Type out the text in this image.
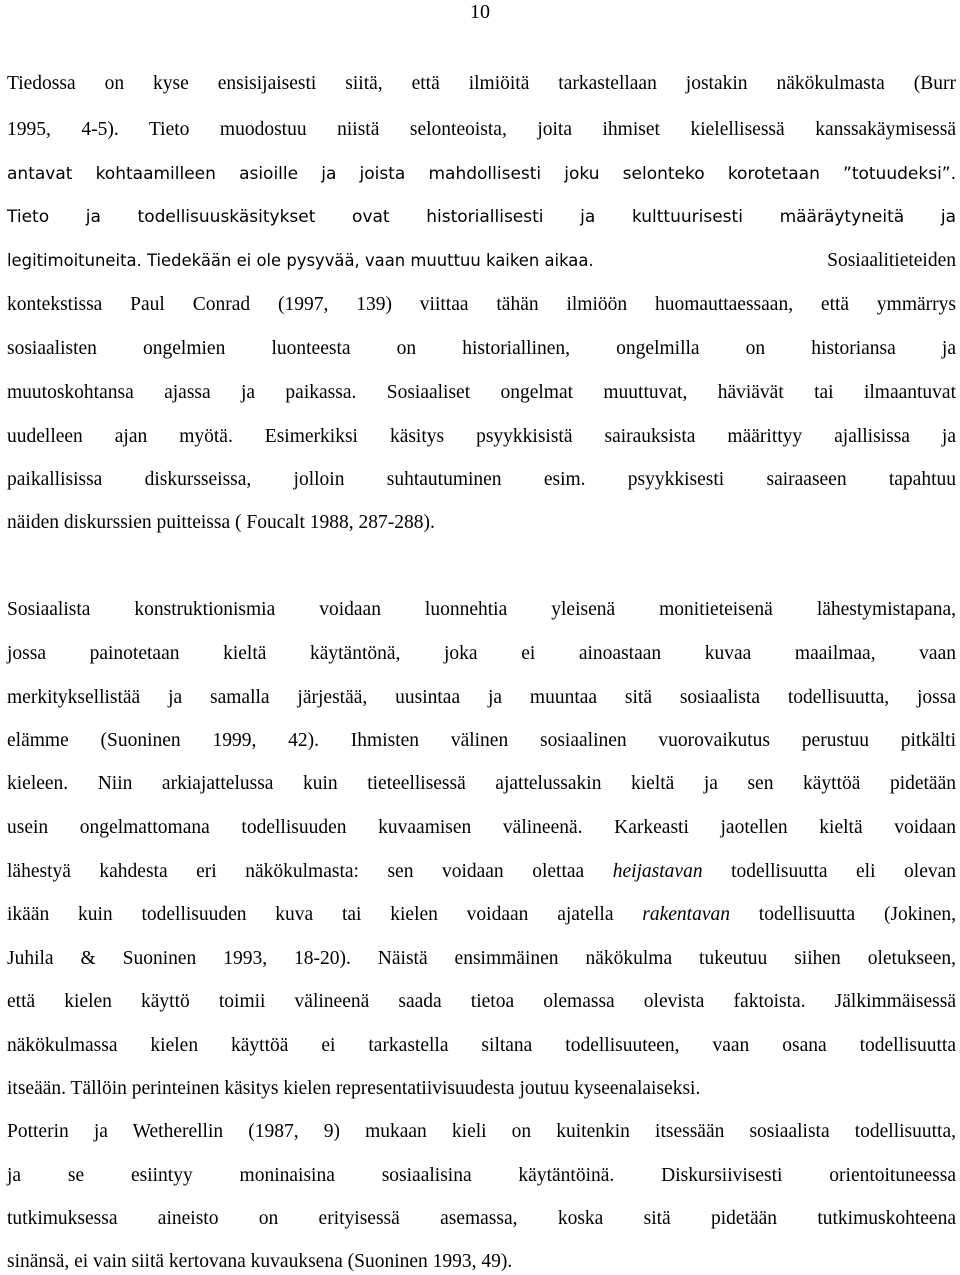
10
Tiedossa on kyse ensisijaisesti siitä, että ilmiöitä tarkastellaan jostakin näkökulmasta (Burr
1995, 4-5). Tieto muodostuu niistä selonteoista, joita ihmiset kielellisessä kanssakäymisessä
antavat kohtaamilleen asioille ja joista mahdollisesti joku selonteko korotetaan ”totuudeksi”.
Tieto ja todellisuuskäsitykset ovat historiallisesti ja kulttuurisesti määräytyneitä ja
legitimoituneita. Tiedekään ei ole pysyvää, vaan muuttuu kaiken aikaa.	Sosiaalitieteiden
kontekstissa Paul Conrad (1997, 139) viittaa tähän ilmiöön huomauttaessaan, että ymmärrys
sosiaalisten ongelmien luonteesta on historiallinen, ongelmilla on historiansa ja
muutoskohtansa ajassa ja paikassa. Sosiaaliset ongelmat muuttuvat, häviävät tai ilmaantuvat
uudelleen ajan myötä. Esimerkiksi käsitys psyykkisistä sairauksista määrittyy ajallisissa ja
paikallisissa diskursseissa, jolloin suhtautuminen esim. psyykkisesti sairaaseen tapahtuu
näiden diskurssien puitteissa ( Foucalt 1988, 287-288).
Sosiaalista konstruktionismia voidaan luonnehtia yleisenä monitieteisenä lähestymistapana,
jossa painotetaan kieltä käytäntönä, joka ei ainoastaan kuvaa maailmaa, vaan
merkityksellistää ja samalla järjestää, uusintaa ja muuntaa sitä sosiaalista todellisuutta, jossa
elämme (Suoninen 1999, 42). Ihmisten välinen sosiaalinen vuorovaikutus perustuu pitkälti
kieleen. Niin arkiajattelussa kuin tieteellisessä ajattelussakin kieltä ja sen käyttöä pidetään
usein ongelmattomana todellisuuden kuvaamisen välineenä. Karkeasti jaotellen kieltä voidaan
lähestyä kahdesta eri näkökulmasta: sen voidaan olettaa heijastavan todellisuutta eli olevan
ikään kuin todellisuuden kuva tai kielen voidaan ajatella rakentavan todellisuutta (Jokinen,
Juhila & Suoninen 1993, 18-20). Näistä ensimmäinen näkökulma tukeutuu siihen oletukseen,
että kielen käyttö toimii välineenä saada tietoa olemassa olevista faktoista. Jälkimmäisessä
näkökulmassa kielen käyttöä ei tarkastella siltana todellisuuteen, vaan osana todellisuutta
itseään. Tällöin perinteinen käsitys kielen representatiivisuudesta joutuu kyseenalaiseksi.
Potterin ja Wetherellin (1987, 9) mukaan kieli on kuitenkin itsessään sosiaalista todellisuutta,
ja se esiintyy moninaisina sosiaalisina käytäntöinä. Diskursiivisesti orientoituneessa
tutkimuksessa aineisto on erityisessä asemassa, koska sitä pidetään tutkimuskohteena
sinänsä, ei vain siitä kertovana kuvauksena (Suoninen 1993, 49).
